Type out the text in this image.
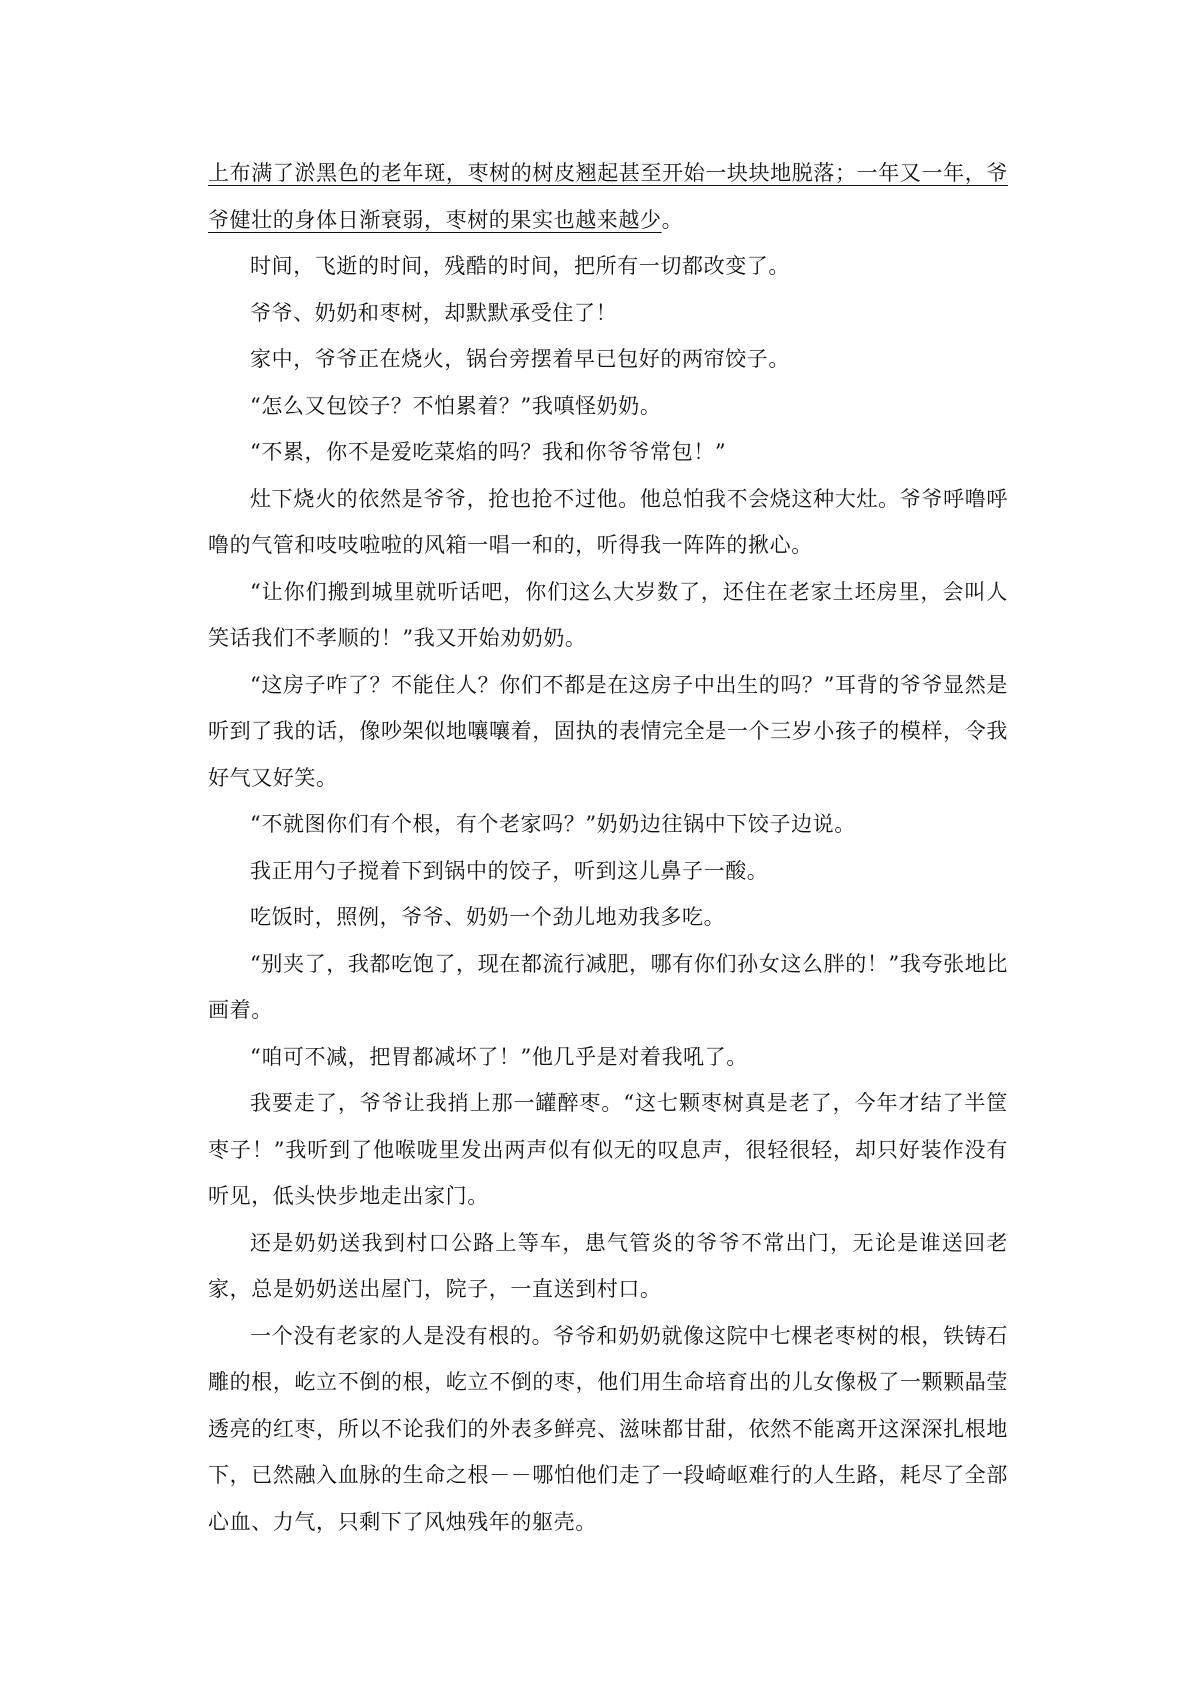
上布满了淤黑色的老年斑，枣树的树皮翘起甚至开始一块块地脱落；一年又一年，爷爷健壮的身体日渐衰弱，枣树的果实也越来越少。

时间，飞逝的时间，残酷的时间，把所有一切都改变了。

爷爷、奶奶和枣树，却默默承受住了！

家中，爷爷正在烧火，锅台旁摆着早已包好的两帘饺子。

“怎么又包饺子？不怕累着？”我嗔怪奶奶。

“不累，你不是爱吃菜焰的吗？我和你爷爷常包！”

灶下烧火的依然是爷爷，抢也抢不过他。他总怕我不会烧这种大灶。爷爷呼噜呼噜的气管和吱吱啦啦的风箱一唱一和的，听得我一阵阵的揪心。

“让你们搬到城里就听话吧，你们这么大岁数了，还住在老家土坯房里，会叫人笑话我们不孝顺的！”我又开始劝奶奶。

“这房子咋了？不能住人？你们不都是在这房子中出生的吗？”耳背的爷爷显然是听到了我的话，像吵架似地嚷嚷着，固执的表情完全是一个三岁小孩子的模样，令我好气又好笑。

“不就图你们有个根，有个老家吗？”奶奶边往锅中下饺子边说。

我正用勺子搅着下到锅中的饺子，听到这儿鼻子一酸。

吃饭时，照例，爷爷、奶奶一个劲儿地劝我多吃。

“别夹了，我都吃饱了，现在都流行减肥，哪有你们孙女这么胖的！”我夸张地比画着。

“咱可不减，把胃都减坏了！”他几乎是对着我吼了。

我要走了，爷爷让我捎上那一罐醉枣。“这七颗枣树真是老了，今年才结了半筐枣子！”我听到了他喉咙里发出两声似有似无的叹息声，很轻很轻，却只好装作没有听见，低头快步地走出家门。

还是奶奶送我到村口公路上等车，患气管炎的爷爷不常出门，无论是谁送回老家，总是奶奶送出屋门，院子，一直送到村口。

一个没有老家的人是没有根的。爷爷和奶奶就像这院中七棵老枣树的根，铁铸石雕的根，屹立不倒的根，屹立不倒的枣，他们用生命培育出的儿女像极了一颗颗晶莹透亮的红枣，所以不论我们的外表多鲜亮、滋味都甘甜，依然不能离开这深深扎根地下，已然融入血脉的生命之根－－哪怕他们走了一段崎岖难行的人生路，耗尽了全部心血、力气，只剩下了风烛残年的躯壳。
